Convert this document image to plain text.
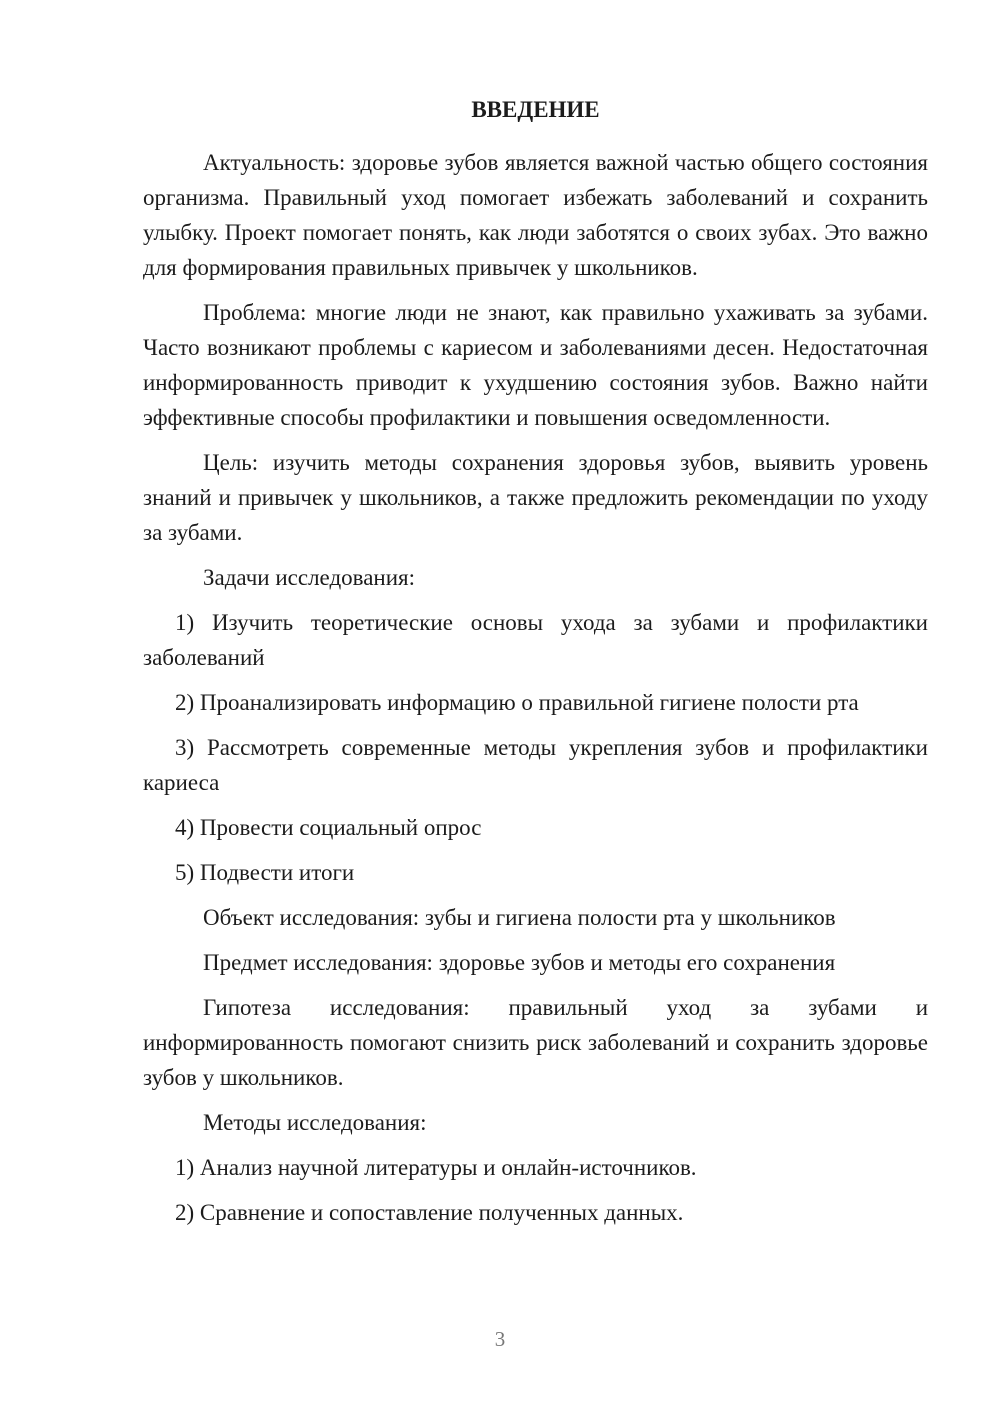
ВВЕДЕНИЕ

Актуальность: здоровье зубов является важной частью общего состояния организма. Правильный уход помогает избежать заболеваний и сохранить улыбку. Проект помогает понять, как люди заботятся о своих зубах. Это важно для формирования правильных привычек у школьников.

Проблема: многие люди не знают, как правильно ухаживать за зубами. Часто возникают проблемы с кариесом и заболеваниями десен. Недостаточная информированность приводит к ухудшению состояния зубов. Важно найти эффективные способы профилактики и повышения осведомленности.

Цель: изучить методы сохранения здоровья зубов, выявить уровень знаний и привычек у школьников, а также предложить рекомендации по уходу за зубами.

Задачи исследования:

1) Изучить теоретические основы ухода за зубами и профилактики заболеваний

2) Проанализировать информацию о правильной гигиене полости рта

3) Рассмотреть современные методы укрепления зубов и профилактики кариеса

4) Провести социальный опрос

5) Подвести итоги

Объект исследования: зубы и гигиена полости рта у школьников

Предмет исследования: здоровье зубов и методы его сохранения

Гипотеза исследования: правильный уход за зубами и информированность помогают снизить риск заболеваний и сохранить здоровье зубов у школьников.

Методы исследования:

1) Анализ научной литературы и онлайн-источников.

2) Сравнение и сопоставление полученных данных.

3
